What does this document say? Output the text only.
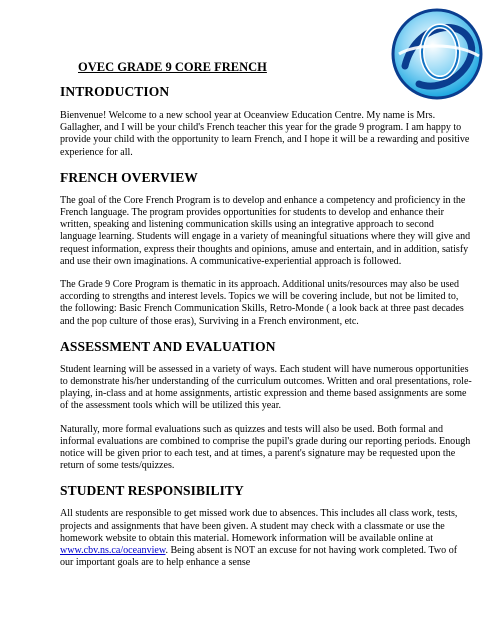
OVEC GRADE 9 CORE FRENCH
INTRODUCTION

Bienvenue! Welcome to a new school year at Oceanview Education Centre. My name is Mrs. Gallagher, and I will be your child's French teacher this year for the grade 9 program. I am happy to provide your child with the opportunity to learn French, and I hope it will be a rewarding and positive experience for all.

FRENCH OVERVIEW

The goal of the Core French Program is to develop and enhance a competency and proficiency in the French language. The program provides opportunities for students to develop and enhance their written, speaking and listening communication skills using an integrative approach to second language learning. Students will engage in a variety of meaningful situations where they will give and request information, express their thoughts and opinions, amuse and entertain, and in addition, satisfy and use their own imaginations. A communicative-experiential approach is followed.

The Grade 9 Core Program is thematic in its approach. Additional units/resources may also be used according to strengths and interest levels. Topics we will be covering include, but not be limited to, the following: Basic French Communication Skills, Retro-Monde ( a look back at three past decades and the pop culture of those eras), Surviving in a French environment, etc.

ASSESSMENT AND EVALUATION

Student learning will be assessed in a variety of ways. Each student will have numerous opportunities to demonstrate his/her understanding of the curriculum outcomes. Written and oral presentations, role-playing, in-class and at home assignments, artistic expression and theme based assignments are some of the assessment tools which will be utilized this year.

Naturally, more formal evaluations such as quizzes and tests will also be used. Both formal and informal evaluations are combined to comprise the pupil's grade during our reporting periods. Enough notice will be given prior to each test, and at times, a parent's signature may be requested upon the return of some tests/quizzes.

STUDENT RESPONSIBILITY

All students are responsible to get missed work due to absences. This includes all class work, tests, projects and assignments that have been given. A student may check with a classmate or use the homework website to obtain this material. Homework information will be available online at www.cbv.ns.ca/oceanview. Being absent is NOT an excuse for not having work completed. Two of our important goals are to help enhance a sense
